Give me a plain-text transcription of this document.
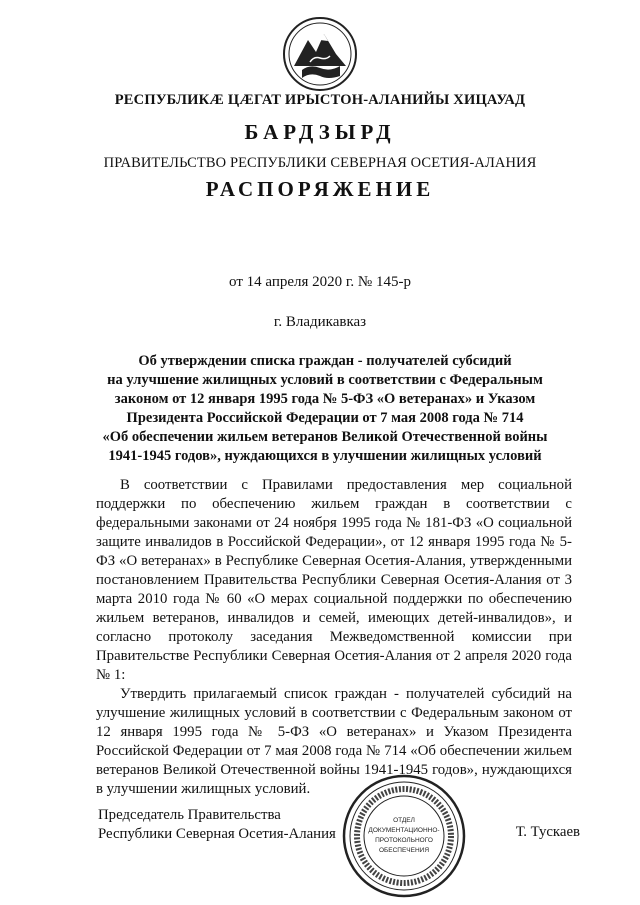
РЕСПУБЛИКӔ ЦӔГАТ ИРЫСТОН-АЛАНИЙЫ ХИЦАУАД
БАРДЗЫРД
ПРАВИТЕЛЬСТВО РЕСПУБЛИКИ СЕВЕРНАЯ ОСЕТИЯ-АЛАНИЯ
РАСПОРЯЖЕНИЕ
от 14 апреля 2020 г. № 145-р
г. Владикавказ
Об утверждении списка граждан - получателей субсидий
на улучшение жилищных условий в соответствии с Федеральным
законом от 12 января 1995 года № 5-ФЗ «О ветеранах» и Указом
Президента Российской Федерации от 7 мая 2008 года № 714
«Об обеспечении жильем ветеранов Великой Отечественной войны
1941-1945 годов», нуждающихся в улучшении жилищных условий

В соответствии с Правилами предоставления мер социальной поддержки по обеспечению жильем граждан в соответствии с федеральными законами от 24 ноября 1995 года № 181-ФЗ «О социальной защите инвалидов в Российской Федерации», от 12 января 1995 года № 5-ФЗ «О ветеранах» в Республике Северная Осетия-Алания, утвержденными постановлением Правительства Республики Северная Осетия-Алания от 3 марта 2010 года № 60 «О мерах социальной поддержки по обеспечению жильем ветеранов, инвалидов и семей, имеющих детей-инвалидов», и согласно протоколу заседания Межведомственной комиссии при Правительстве Республики Северная Осетия-Алания от 2 апреля 2020 года № 1:

Утвердить прилагаемый список граждан - получателей субсидий на улучшение жилищных условий в соответствии с Федеральным законом от 12 января 1995 года № 5-ФЗ «О ветеранах» и Указом Президента Российской Федерации от 7 мая 2008 года № 714 «Об обеспечении жильем ветеранов Великой Отечественной войны 1941-1945 годов», нуждающихся в улучшении жилищных условий.

Председатель Правительства
Республики Северная Осетия-Алания
ОТДЕЛ
ДОКУМЕНТАЦИОННО-
ПРОТОКОЛЬНОГО
ОБЕСПЕЧЕНИЯ
Т. Тускаев
